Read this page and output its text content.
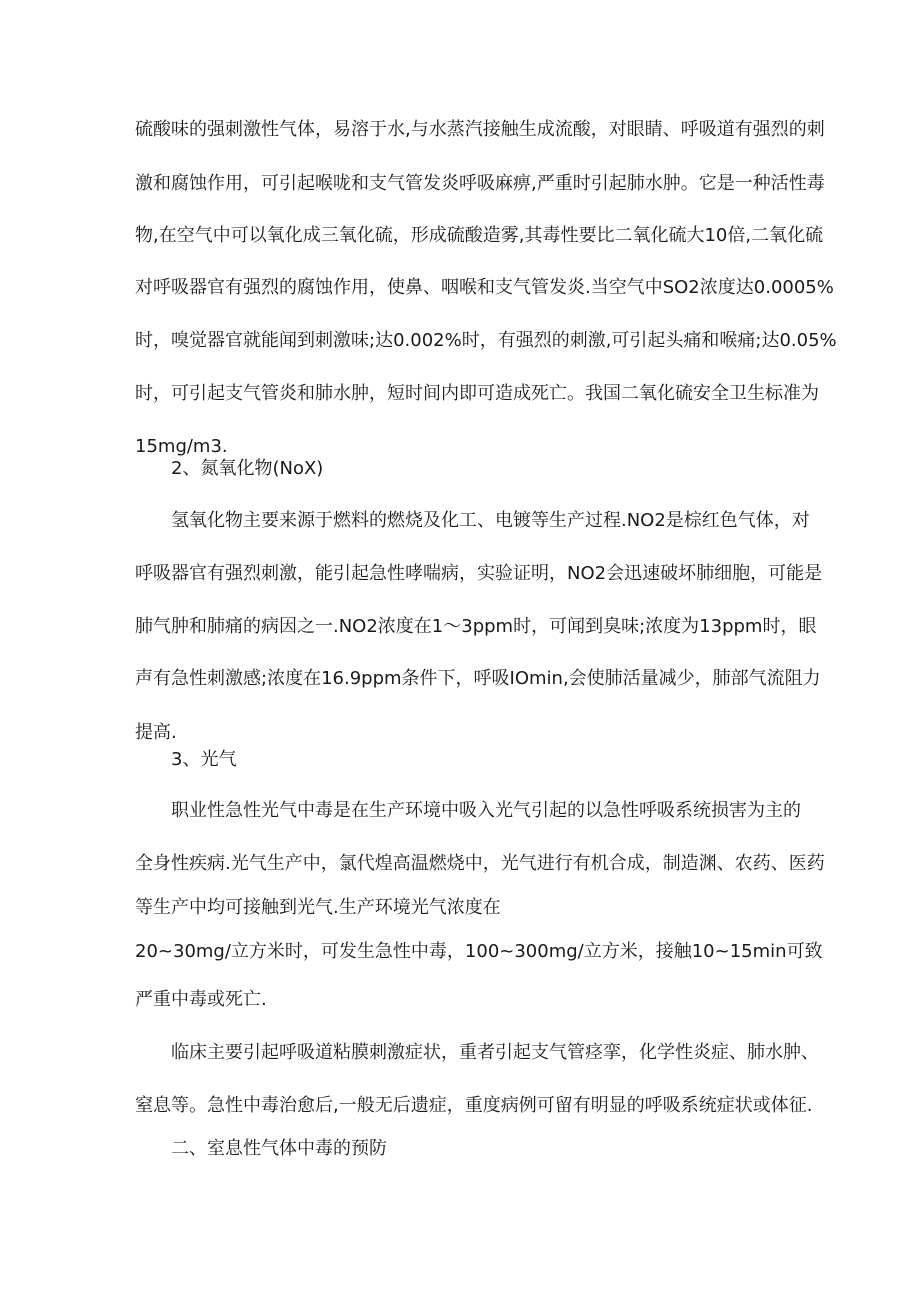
硫酸味的强刺激性气体，易溶于水,与水蒸汽接触生成流酸，对眼睛、呼吸道有强烈的刺
激和腐蚀作用，可引起喉咙和支气管发炎呼吸麻痹,严重时引起肺水肿。它是一种活性毒
物,在空气中可以氧化成三氧化硫，形成硫酸造雾,其毒性要比二氧化硫大10倍,二氧化硫
对呼吸器官有强烈的腐蚀作用，使鼻、咽喉和支气管发炎.当空气中SO2浓度达0.0005%
时，嗅觉器官就能闻到刺激味;达0.002%时，有强烈的刺激,可引起头痛和喉痛;达0.05%
时，可引起支气管炎和肺水肿，短时间内即可造成死亡。我国二氧化硫安全卫生标准为
15mg∕m3.
2、氮氧化物(NoX)
氢氧化物主要来源于燃料的燃烧及化工、电镀等生产过程.NO2是棕红色气体，对
呼吸器官有强烈刺激，能引起急性哮喘病，实验证明，NO2会迅速破坏肺细胞，可能是
肺气肿和肺痛的病因之一.NO2浓度在1～3ppm时，可闻到臭味;浓度为13ppm时，眼
声有急性刺激感;浓度在16.9ppm条件下，呼吸IOmin,会使肺活量减少，肺部气流阻力
提高.
3、光气
职业性急性光气中毒是在生产环境中吸入光气引起的以急性呼吸系统损害为主的
全身性疾病.光气生产中，氯代煌高温燃烧中，光气进行有机合成，制造渊、农药、医药
等生产中均可接触到光气.生产环境光气浓度在
20~30mg/立方米时，可发生急性中毒，100~300mg∕立方米，接触10~15min可致
严重中毒或死亡.
临床主要引起呼吸道粘膜刺激症状，重者引起支气管痉挛，化学性炎症、肺水肿、
窒息等。急性中毒治愈后,一般无后遗症，重度病例可留有明显的呼吸系统症状或体征.
二、室息性气体中毒的预防
